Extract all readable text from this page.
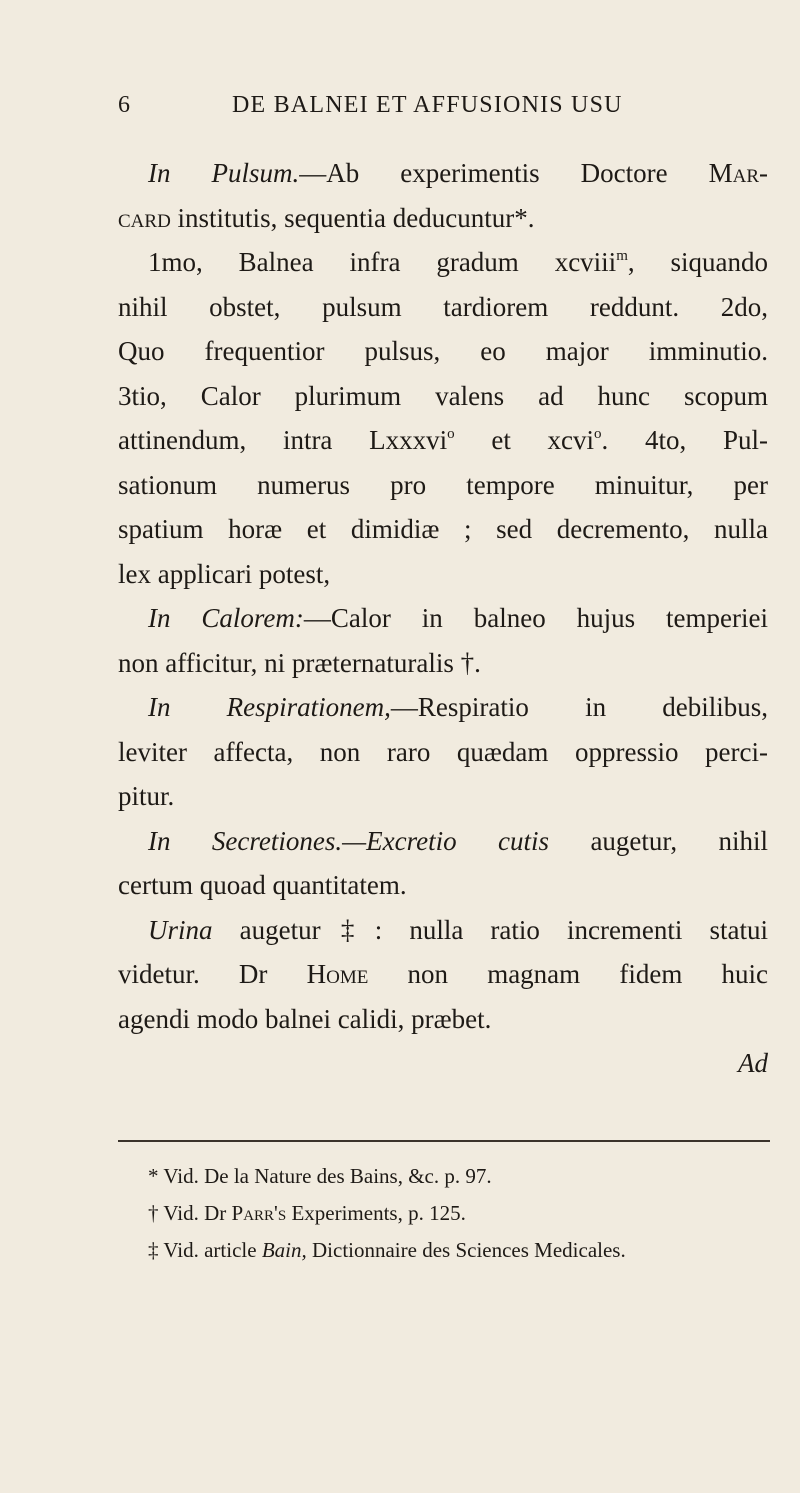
6	DE BALNEI ET AFFUSIONIS USU
In Pulsum.—Ab experimentis Doctore Mar-
card institutis, sequentia deducuntur*.
1mo, Balnea infra gradum xcviii$^m$, siquando
nihil obstet, pulsum tardiorem reddunt. 2do,
Quo frequentior pulsus, eo major imminutio.
3tio, Calor plurimum valens ad hunc scopum
attinendum, intra Lxxxvi$^o$ et xcvi$^o$. 4to, Pul-
sationum numerus pro tempore minuitur, per
spatium horæ et dimidiæ ; sed decremento, nulla
lex applicari potest,
In Calorem:—Calor in balneo hujus temperiei
non afficitur, ni præternaturalis †.
In Respirationem,—Respiratio in debilibus,
leviter affecta, non raro quædam oppressio perci-
pitur.
In Secretiones.—Excretio cutis augetur, nihil
certum quoad quantitatem.
Urina augetur‡: nulla ratio incrementi statui
videtur. Dr Home non magnam fidem huic
agendi modo balnei calidi, præbet.
Ad
* Vid. De la Nature des Bains, &c. p. 97.
† Vid. Dr Parr's Experiments, p. 125.
‡ Vid. article Bain, Dictionnaire des Sciences Medicales.
